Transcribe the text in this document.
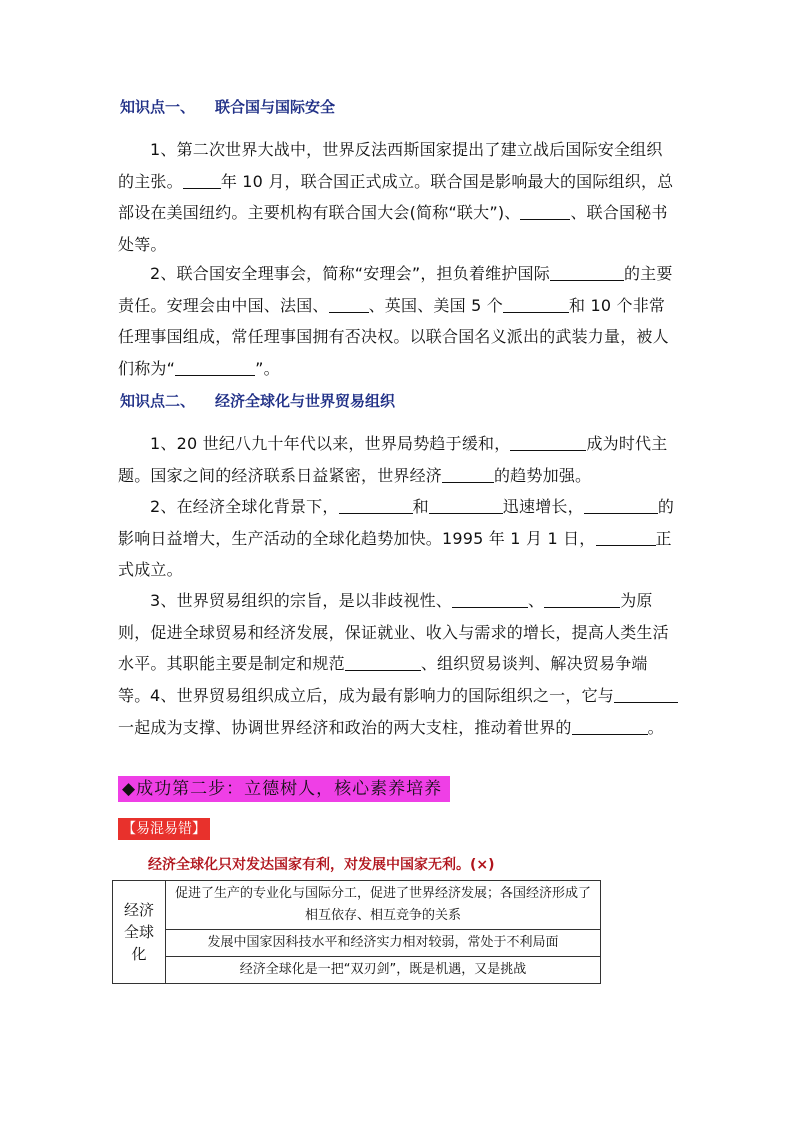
知识点一、 联合国与国际安全
1、第二次世界大战中，世界反法西斯国家提出了建立战后国际安全组织的主张。 年 10 月，联合国正式成立。联合国是影响最大的国际组织，总部设在美国纽约。主要机构有联合国大会(简称“联大”)、	、联合国秘书处等。
2、联合国安全理事会，简称“安理会”，担负着维护国际	的主要责任。安理会由中国、法国、	、英国、美国 5 个	和 10 个非常任理事国组成，常任理事国拥有否决权。以联合国名义派出的武装力量，被人们称为“	”。
知识点二、 经济全球化与世界贸易组织
1、20 世纪八九十年代以来，世界局势趋于缓和，	成为时代主题。国家之间的经济联系日益紧密，世界经济	的趋势加强。
2、在经济全球化背景下，	和	迅速增长，	的影响日益增大，生产活动的全球化趋势加快。1995 年 1 月 1 日，	正式成立。
3、世界贸易组织的宗旨，是以非歧视性、	、	为原则，促进全球贸易和经济发展，保证就业、收入与需求的增长，提高人类生活水平。其职能主要是制定和规范	、组织贸易谈判、解决贸易争端等。 4、世界贸易组织成立后，成为最有影响力的国际组织之一，它与一起成为支撑、协调世界经济和政治的两大支柱，推动着世界的	。
◆成功第二步：立德树人，核心素养培养
【易混易错】
经济全球化只对发达国家有利，对发展中国家无利。(×)
经济全球化	促进了生产的专业化与国际分工，促进了世界经济发展；各国经济形成了相互依存、相互竞争的关系
发展中国家因科技水平和经济实力相对较弱，常处于不利局面
经济全球化是一把“双刃剑”，既是机遇，又是挑战
